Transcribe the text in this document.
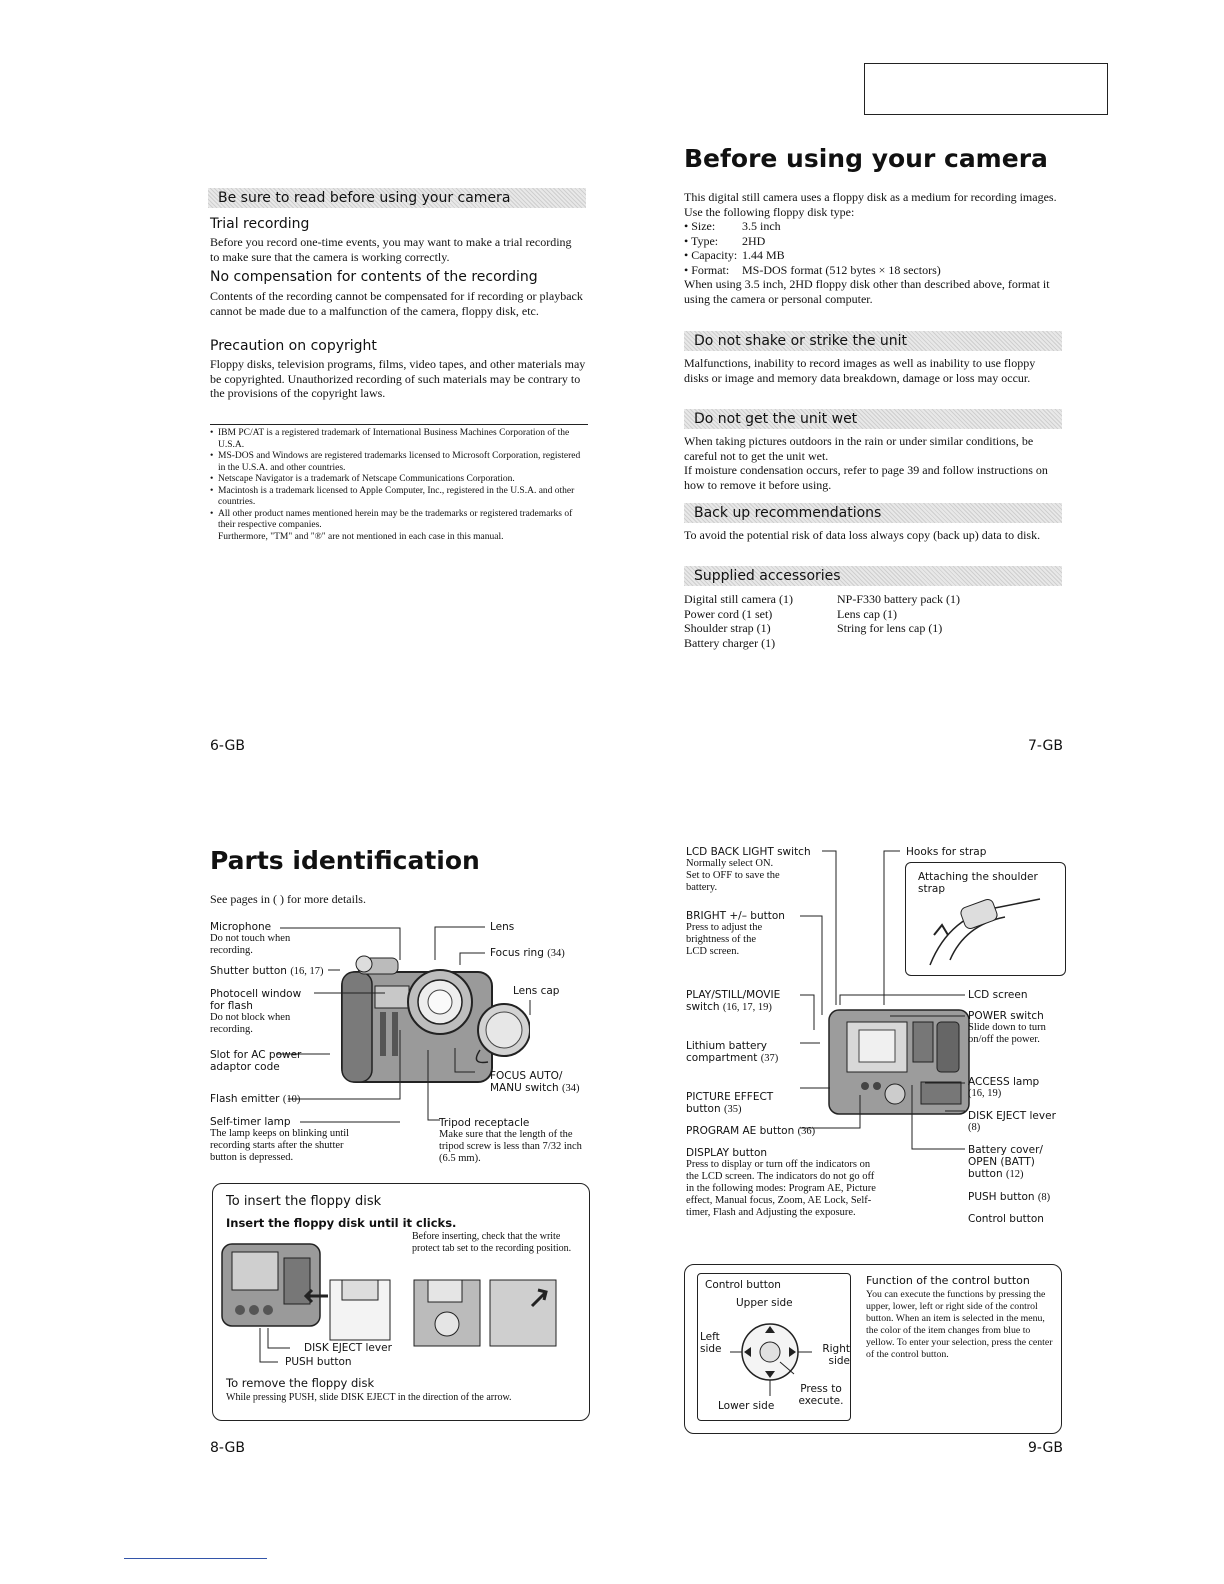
Be sure to read before using your camera
Trial recording
Before you record one-time events, you may want to make a trial recording to make sure that the camera is working correctly.
No compensation for contents of the recording
Contents of the recording cannot be compensated for if recording or playback cannot be made due to a malfunction of the camera, floppy disk, etc.
Precaution on copyright
Floppy disks, television programs, films, video tapes, and other materials may be copyrighted. Unauthorized recording of such materials may be contrary to the provisions of the copyright laws.
• IBM PC/AT is a registered trademark of International Business Machines Corporation of the U.S.A.
• MS-DOS and Windows are registered trademarks licensed to Microsoft Corporation, registered in the U.S.A. and other countries.
• Netscape Navigator is a trademark of Netscape Communications Corporation.
• Macintosh is a trademark licensed to Apple Computer, Inc., registered in the U.S.A. and other countries.
• All other product names mentioned herein may be the trademarks or registered trademarks of their respective companies.
Furthermore, "TM" and "®" are not mentioned in each case in this manual.
6-GB
Before using your camera
This digital still camera uses a floppy disk as a medium for recording images.
Use the following floppy disk type:
• Size:	3.5 inch
• Type:	2HD
• Capacity: 1.44 MB
• Format:	MS-DOS format (512 bytes × 18 sectors)
When using 3.5 inch, 2HD floppy disk other than described above, format it using the camera or personal computer.
Do not shake or strike the unit
Malfunctions, inability to record images as well as inability to use floppy disks or image and memory data breakdown, damage or loss may occur.
Do not get the unit wet
When taking pictures outdoors in the rain or under similar conditions, be careful not to get the unit wet.
If moisture condensation occurs, refer to page 39 and follow instructions on how to remove it before using.
Back up recommendations
To avoid the potential risk of data loss always copy (back up) data to disk.
Supplied accessories
Digital still camera (1)
Power cord (1 set)
Shoulder strap (1)
Battery charger (1)
NP-F330 battery pack (1)
Lens cap (1)
String for lens cap (1)
7-GB
Parts identification
See pages in ( ) for more details.
Microphone
Do not touch when recording.
Shutter button (16, 17)
Photocell window for flash
Do not block when recording.
Slot for AC power adaptor code
Flash emitter (10)
Self-timer lamp
The lamp keeps on blinking until recording starts after the shutter button is depressed.
Lens
Focus ring (34)
Lens cap
FOCUS AUTO/ MANU switch (34)
Tripod receptacle
Make sure that the length of the tripod screw is less than 7/32 inch (6.5 mm).
To insert the floppy disk
Insert the floppy disk until it clicks.
Before inserting, check that the write protect tab set to the recording position.
DISK EJECT lever
PUSH button
To remove the floppy disk
While pressing PUSH, slide DISK EJECT in the direction of the arrow.
8-GB
LCD BACK LIGHT switch
Normally select ON. Set to OFF to save the battery.
BRIGHT +/– button
Press to adjust the brightness of the LCD screen.
PLAY/STILL/MOVIE switch (16, 17, 19)
Lithium battery compartment (37)
PICTURE EFFECT button (35)
PROGRAM AE button (36)
DISPLAY button
Press to display or turn off the indicators on the LCD screen. The indicators do not go off in the following modes: Program AE, Picture effect, Manual focus, Zoom, AE Lock, Self-timer, Flash and Adjusting the exposure.
Hooks for strap
Attaching the shoulder strap
LCD screen
POWER switch
Slide down to turn on/off the power.
ACCESS lamp
(16, 19)
DISK EJECT lever
(8)
Battery cover/ OPEN (BATT) button (12)
PUSH button (8)
Control button
Control button
Upper side
Left side	Right side
Press to execute.
Lower side
Function of the control button
You can execute the functions by pressing the upper, lower, left or right side of the control button. When an item is selected in the menu, the color of the item changes from blue to yellow. To enter your selection, press the center of the control button.
9-GB
